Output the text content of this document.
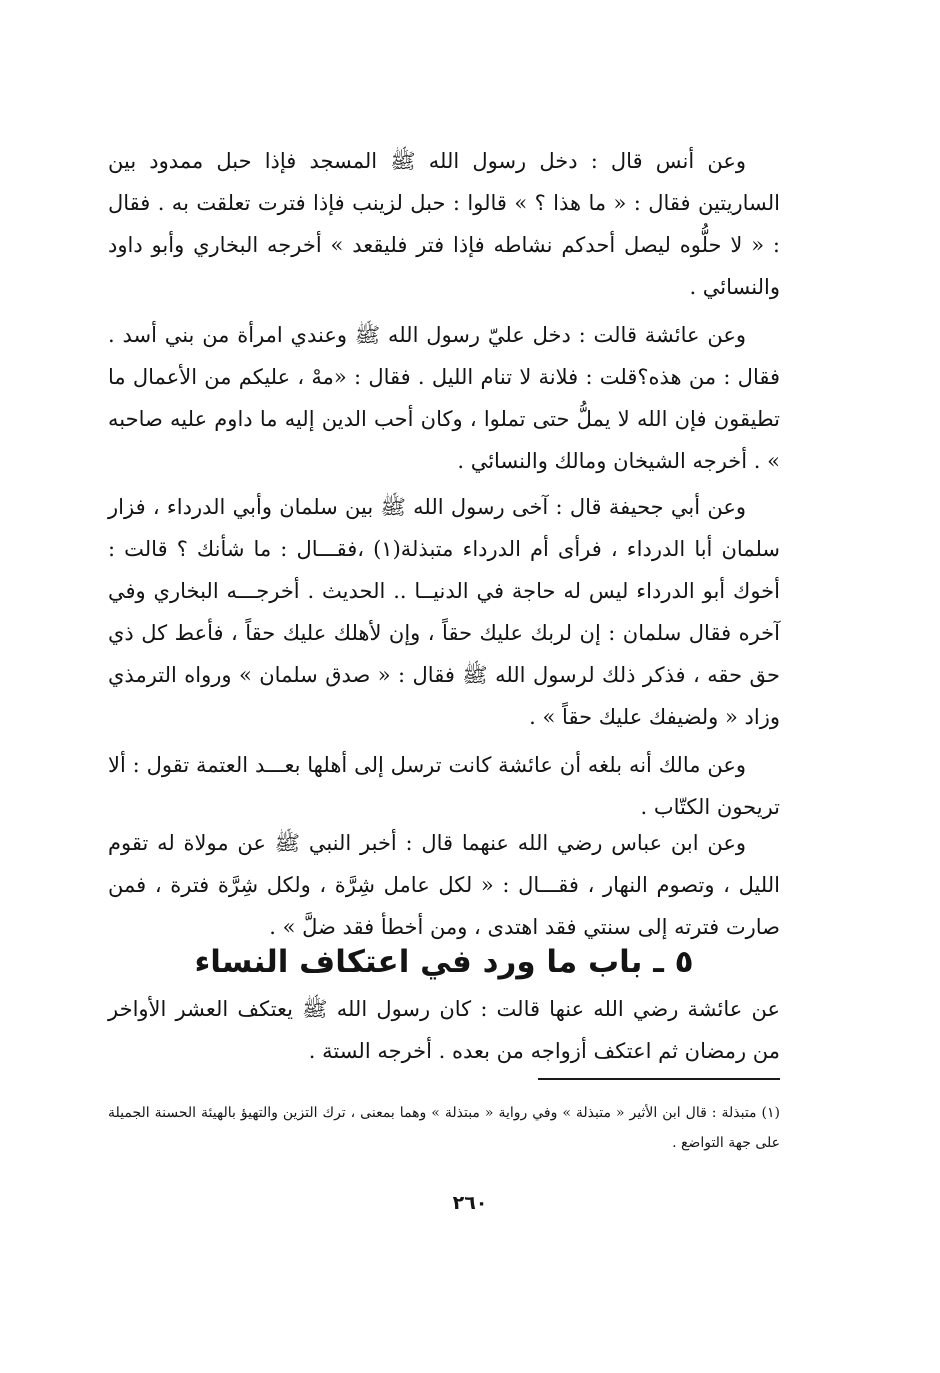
وعن أنس قال : دخل رسول الله ﷺ المسجد فإذا حبل ممدود بين الساريتين فقال : « ما هذا ؟ » قالوا : حبل لزينب فإذا فترت تعلقت به . فقال : « لا حلُّوه ليصل أحدكم نشاطه فإذا فتر فليقعد » أخرجه البخاري وأبو داود والنسائي .

وعن عائشة قالت : دخل عليّ رسول الله ﷺ وعندي امرأة من بني أسد . فقال : من هذه؟قلت : فلانة لا تنام الليل . فقال : «مهْ ، عليكم من الأعمال ما تطيقون فإن الله لا يملُّ حتى تملوا ، وكان أحب الدين إليه ما داوم عليه صاحبه » . أخرجه الشيخان ومالك والنسائي .

وعن أبي جحيفة قال : آخى رسول الله ﷺ بين سلمان وأبي الدرداء ، فزار سلمان أبا الدرداء ، فرأى أم الدرداء متبذلة(١) ،فقـــال : ما شأنك ؟ قالت : أخوك أبو الدرداء ليس له حاجة في الدنيــا .. الحديث . أخرجـــه البخاري وفي آخره فقال سلمان : إن لربك عليك حقاً ، وإن لأهلك عليك حقاً ، فأعط كل ذي حق حقه ، فذكر ذلك لرسول الله ﷺ فقال : « صدق سلمان » ورواه الترمذي وزاد « ولضيفك عليك حقاً » .

وعن مالك أنه بلغه أن عائشة كانت ترسل إلى أهلها بعـــد العتمة تقول : ألا تريحون الكتّاب .

وعن ابن عباس رضي الله عنهما قال : أخبر النبي ﷺ عن مولاة له تقوم الليل ، وتصوم النهار ، فقـــال : « لكل عامل شِرَّة ، ولكل شِرَّة فترة ، فمن صارت فترته إلى سنتي فقد اهتدى ، ومن أخطأ فقد ضلَّ » .

٥ ـ باب ما ورد في اعتكاف النساء

عن عائشة رضي الله عنها قالت : كان رسول الله ﷺ يعتكف العشر الأواخر من رمضان ثم اعتكف أزواجه من بعده . أخرجه الستة .

(١) متبذلة : قال ابن الأثير « متبذلة » وفي رواية « مبتذلة » وهما بمعنى ، ترك التزين والتهيؤ بالهيئة الحسنة الجميلة على جهة التواضع .

٢٦٠
